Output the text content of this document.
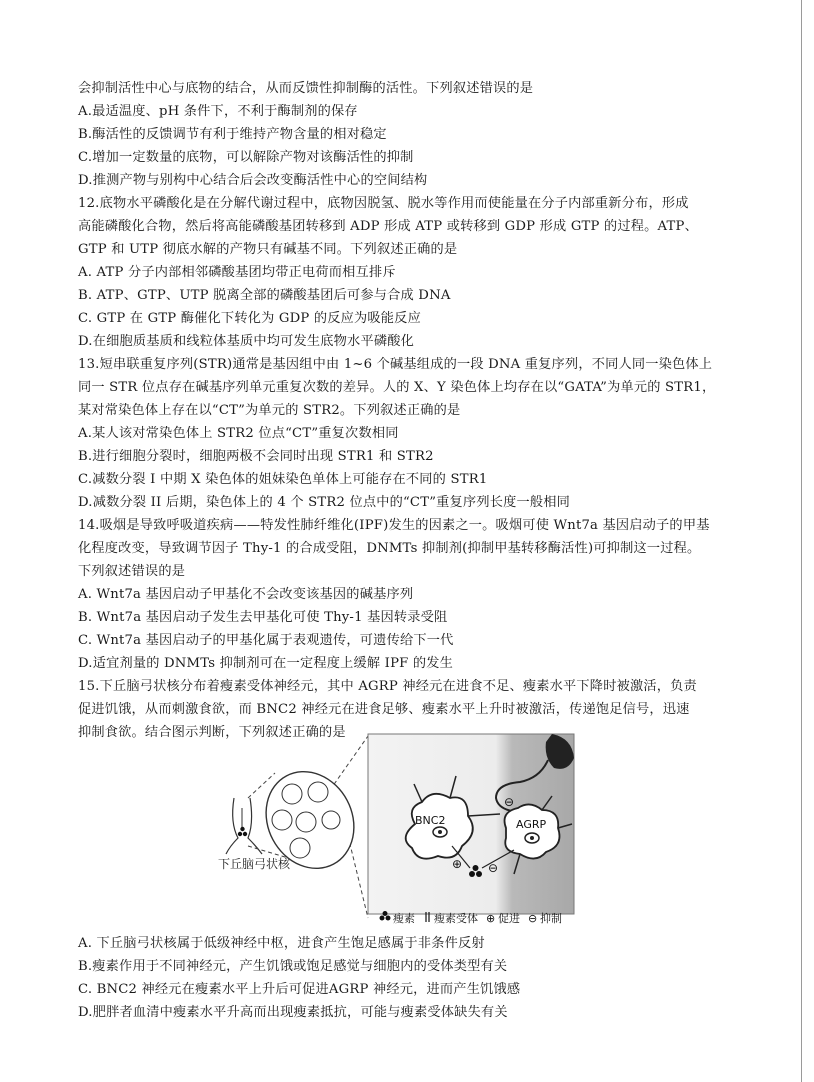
会抑制活性中心与底物的结合，从而反馈性抑制酶的活性。下列叙述错误的是
A.最适温度、pH 条件下，不利于酶制剂的保存
B.酶活性的反馈调节有利于维持产物含量的相对稳定
C.增加一定数量的底物，可以解除产物对该酶活性的抑制
D.推测产物与别构中心结合后会改变酶活性中心的空间结构
12.底物水平磷酸化是在分解代谢过程中，底物因脱氢、脱水等作用而使能量在分子内部重新分布，形成
高能磷酸化合物，然后将高能磷酸基团转移到 ADP 形成 ATP 或转移到 GDP 形成 GTP 的过程。ATP、
GTP 和 UTP 彻底水解的产物只有碱基不同。下列叙述正确的是
A. ATP 分子内部相邻磷酸基团均带正电荷而相互排斥
B. ATP、GTP、UTP 脱离全部的磷酸基团后可参与合成 DNA
C. GTP 在 GTP 酶催化下转化为 GDP 的反应为吸能反应
D.在细胞质基质和线粒体基质中均可发生底物水平磷酸化
13.短串联重复序列(STR)通常是基因组中由 1~6 个碱基组成的一段 DNA 重复序列，不同人同一染色体上
同一 STR 位点存在碱基序列单元重复次数的差异。人的 X、Y 染色体上均存在以“GATA”为单元的 STR1，
某对常染色体上存在以“CT”为单元的 STR2。下列叙述正确的是
A.某人该对常染色体上 STR2 位点“CT”重复次数相同
B.进行细胞分裂时，细胞两极不会同时出现 STR1 和 STR2
C.减数分裂 I 中期 X 染色体的姐妹染色单体上可能存在不同的 STR1
D.减数分裂 II 后期，染色体上的 4 个 STR2 位点中的“CT”重复序列长度一般相同
14.吸烟是导致呼吸道疾病——特发性肺纤维化(IPF)发生的因素之一。吸烟可使 Wnt7a 基因启动子的甲基
化程度改变，导致调节因子 Thy-1 的合成受阻，DNMTs 抑制剂(抑制甲基转移酶活性)可抑制这一过程。
下列叙述错误的是
A. Wnt7a 基因启动子甲基化不会改变该基因的碱基序列
B. Wnt7a 基因启动子发生去甲基化可使 Thy-1 基因转录受阻
C. Wnt7a 基因启动子的甲基化属于表观遗传，可遗传给下一代
D.适宜剂量的 DNMTs 抑制剂可在一定程度上缓解 IPF 的发生
15.下丘脑弓状核分布着瘦素受体神经元，其中 AGRP 神经元在进食不足、瘦素水平下降时被激活，负责
促进饥饿，从而刺激食欲，而 BNC2 神经元在进食足够、瘦素水平上升时被激活，传递饱足信号，迅速
抑制食欲。结合图示判断，下列叙述正确的是
下丘脑弓状核
BNC2	AGRP
⊕ ⊖
⊖
瘦素 瘦素受体 ⊕ 促进 ⊖ 抑制
A. 下丘脑弓状核属于低级神经中枢，进食产生饱足感属于非条件反射
B.瘦素作用于不同神经元，产生饥饿或饱足感觉与细胞内的受体类型有关
C. BNC2 神经元在瘦素水平上升后可促进AGRP 神经元，进而产生饥饿感
D.肥胖者血清中瘦素水平升高而出现瘦素抵抗，可能与瘦素受体缺失有关
